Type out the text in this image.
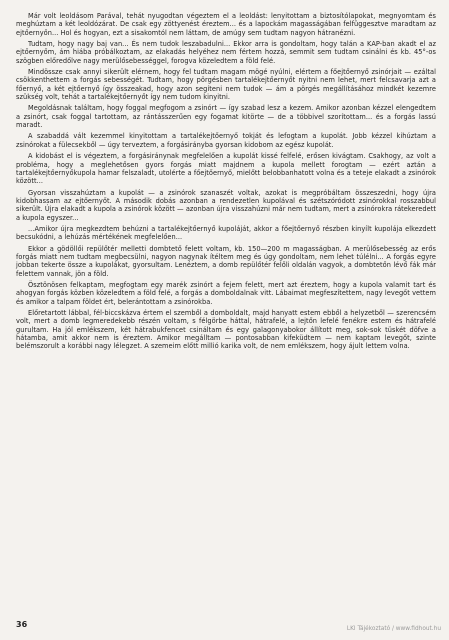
Már volt leoldásom Parával, tehát nyugodtan végeztem el a leoldást: lenyitottam a biztosítólapokat, megnyomtam és meghúztam a két leoldózárat. De csak egy zöttyenést éreztem... és a lapockám magasságában felfüggesztve maradtam az ejtőernyőn... Hol és hogyan, ezt a sisakomtól nem láttam, de amúgy sem tudtam nagyon hátranézni.

Tudtam, hogy nagy baj van... És nem tudok leszabadulni... Ekkor arra is gondoltam, hogy talán a KAP-ban akadt el az ejtőernyőm, ám hiába próbálkoztam, az elakadás helyéhez nem fértem hozzá, semmit sem tudtam csinálni és kb. 45°-os szögben előredőlve nagy merülősebességgel, forogva közeledtem a föld felé.

Mindössze csak annyi sikerült elérnem, hogy fel tudtam magam mögé nyúlni, elértem a főejtőernyő zsinórjait — ezáltal csökkenthettem a forgás sebességét. Tudtam, hogy pörgésben tartalékejtőernyőt nyitni nem lehet, mert felcsavarja azt a főernyő, a két ejtőernyő így összeakad, hogy azon segíteni nem tudok — ám a pörgés megállításához mindkét kezemre szükség volt, tehát a tartalékejtőernyőt így nem tudom kinyitni.

Megoldásnak találtam, hogy foggal megfogom a zsinórt — így szabad lesz a kezem. Amikor azonban kézzel elengedtem a zsinórt, csak foggal tartottam, az rántásszerűen egy fogamat kitörte — de a többivel szorítottam... és a forgás lassú maradt.

A szabaddá vált kezemmel kinyitottam a tartalékejtőernyő tokját és lefogtam a kupolát. Jobb kézzel kihúztam a zsinórokat a fülecsekből — úgy terveztem, a forgásirányba gyorsan kidobom az egész kupolát.

A kidobást el is végeztem, a forgásiránynak megfelelően a kupolát kissé felfelé, erősen kivágtam. Csakhogy, az volt a probléma, hogy a meglehetősen gyors forgás miatt majdnem a kupola mellett forogtam — ezért aztán a tartalékejtőernyőkupola hamar felszaladt, utolérte a főejtőernyő, mielőtt belobbanhatott volna és a teteje elakadt a zsinórok között...

Gyorsan visszahúztam a kupolát — a zsinórok szanaszét voltak, azokat is megpróbáltam összeszedni, hogy újra kidobhassam az ejtőernyőt. A második dobás azonban a rendezetlen kupolával és szétszóródott zsinórokkal rosszabbul sikerült. Újra elakadt a kupola a zsinórok között — azonban újra visszahúzni már nem tudtam, mert a zsinórokra rátekeredett a kupola egyszer...

...Amikor újra megkezdtem behúzni a tartalékejtőernyő kupoláját, akkor a főejtőernyő részben kinyílt kupolája elkezdett becsukódni, a lehúzás mértékének megfelelően...

Ekkor a gödöllői repülőtér melletti dombtető felett voltam, kb. 150—200 m magasságban. A merülősebesség az erős forgás miatt nem tudtam megbecsülni, nagyon nagynak ítéltem meg és úgy gondoltam, nem lehet túlélni... A forgás egyre jobban tekerte össze a kupolákat, gyorsultam. Lenéztem, a domb repülőtér felőli oldalán vagyok, a dombtetőn lévő fák már felettem vannak, jön a föld.

Ösztönösen felkaptam, megfogtam egy marék zsinórt a fejem felett, mert azt éreztem, hogy a kupola valamit tart és ahogyan forgás közben közeledtem a föld felé, a forgás a domboldalnak vitt. Lábaimat megfeszítettem, nagy levegőt vettem és amikor a talpam földet ért, belerántottam a zsinórokba.

Előretartott lábbal, fél-biccskázva értem el szemből a domboldalt, majd hanyatt estem ebből a helyzetből — szerencsém volt, mert a domb legmeredekebb részén voltam, s félgörbe háttal, hátrafelé, a lejtőn lefelé fenékre estem és hátrafelé gurultam. Ha jól emlékszem, két hátrabukfencet csináltam és egy galagonyabokor állított meg, sok-sok tüskét döfve a hátamba, amit akkor nem is éreztem. Amikor megálltam — pontosabban kifeküdtem — nem kaptam levegőt, szinte belémszorult a korábbi nagy lélegzet. A szemeim előtt millió karika volt, de nem emlékszem, hogy ájult lettem volna.

36	LKI Tájékoztató / www.fidhout.hu
